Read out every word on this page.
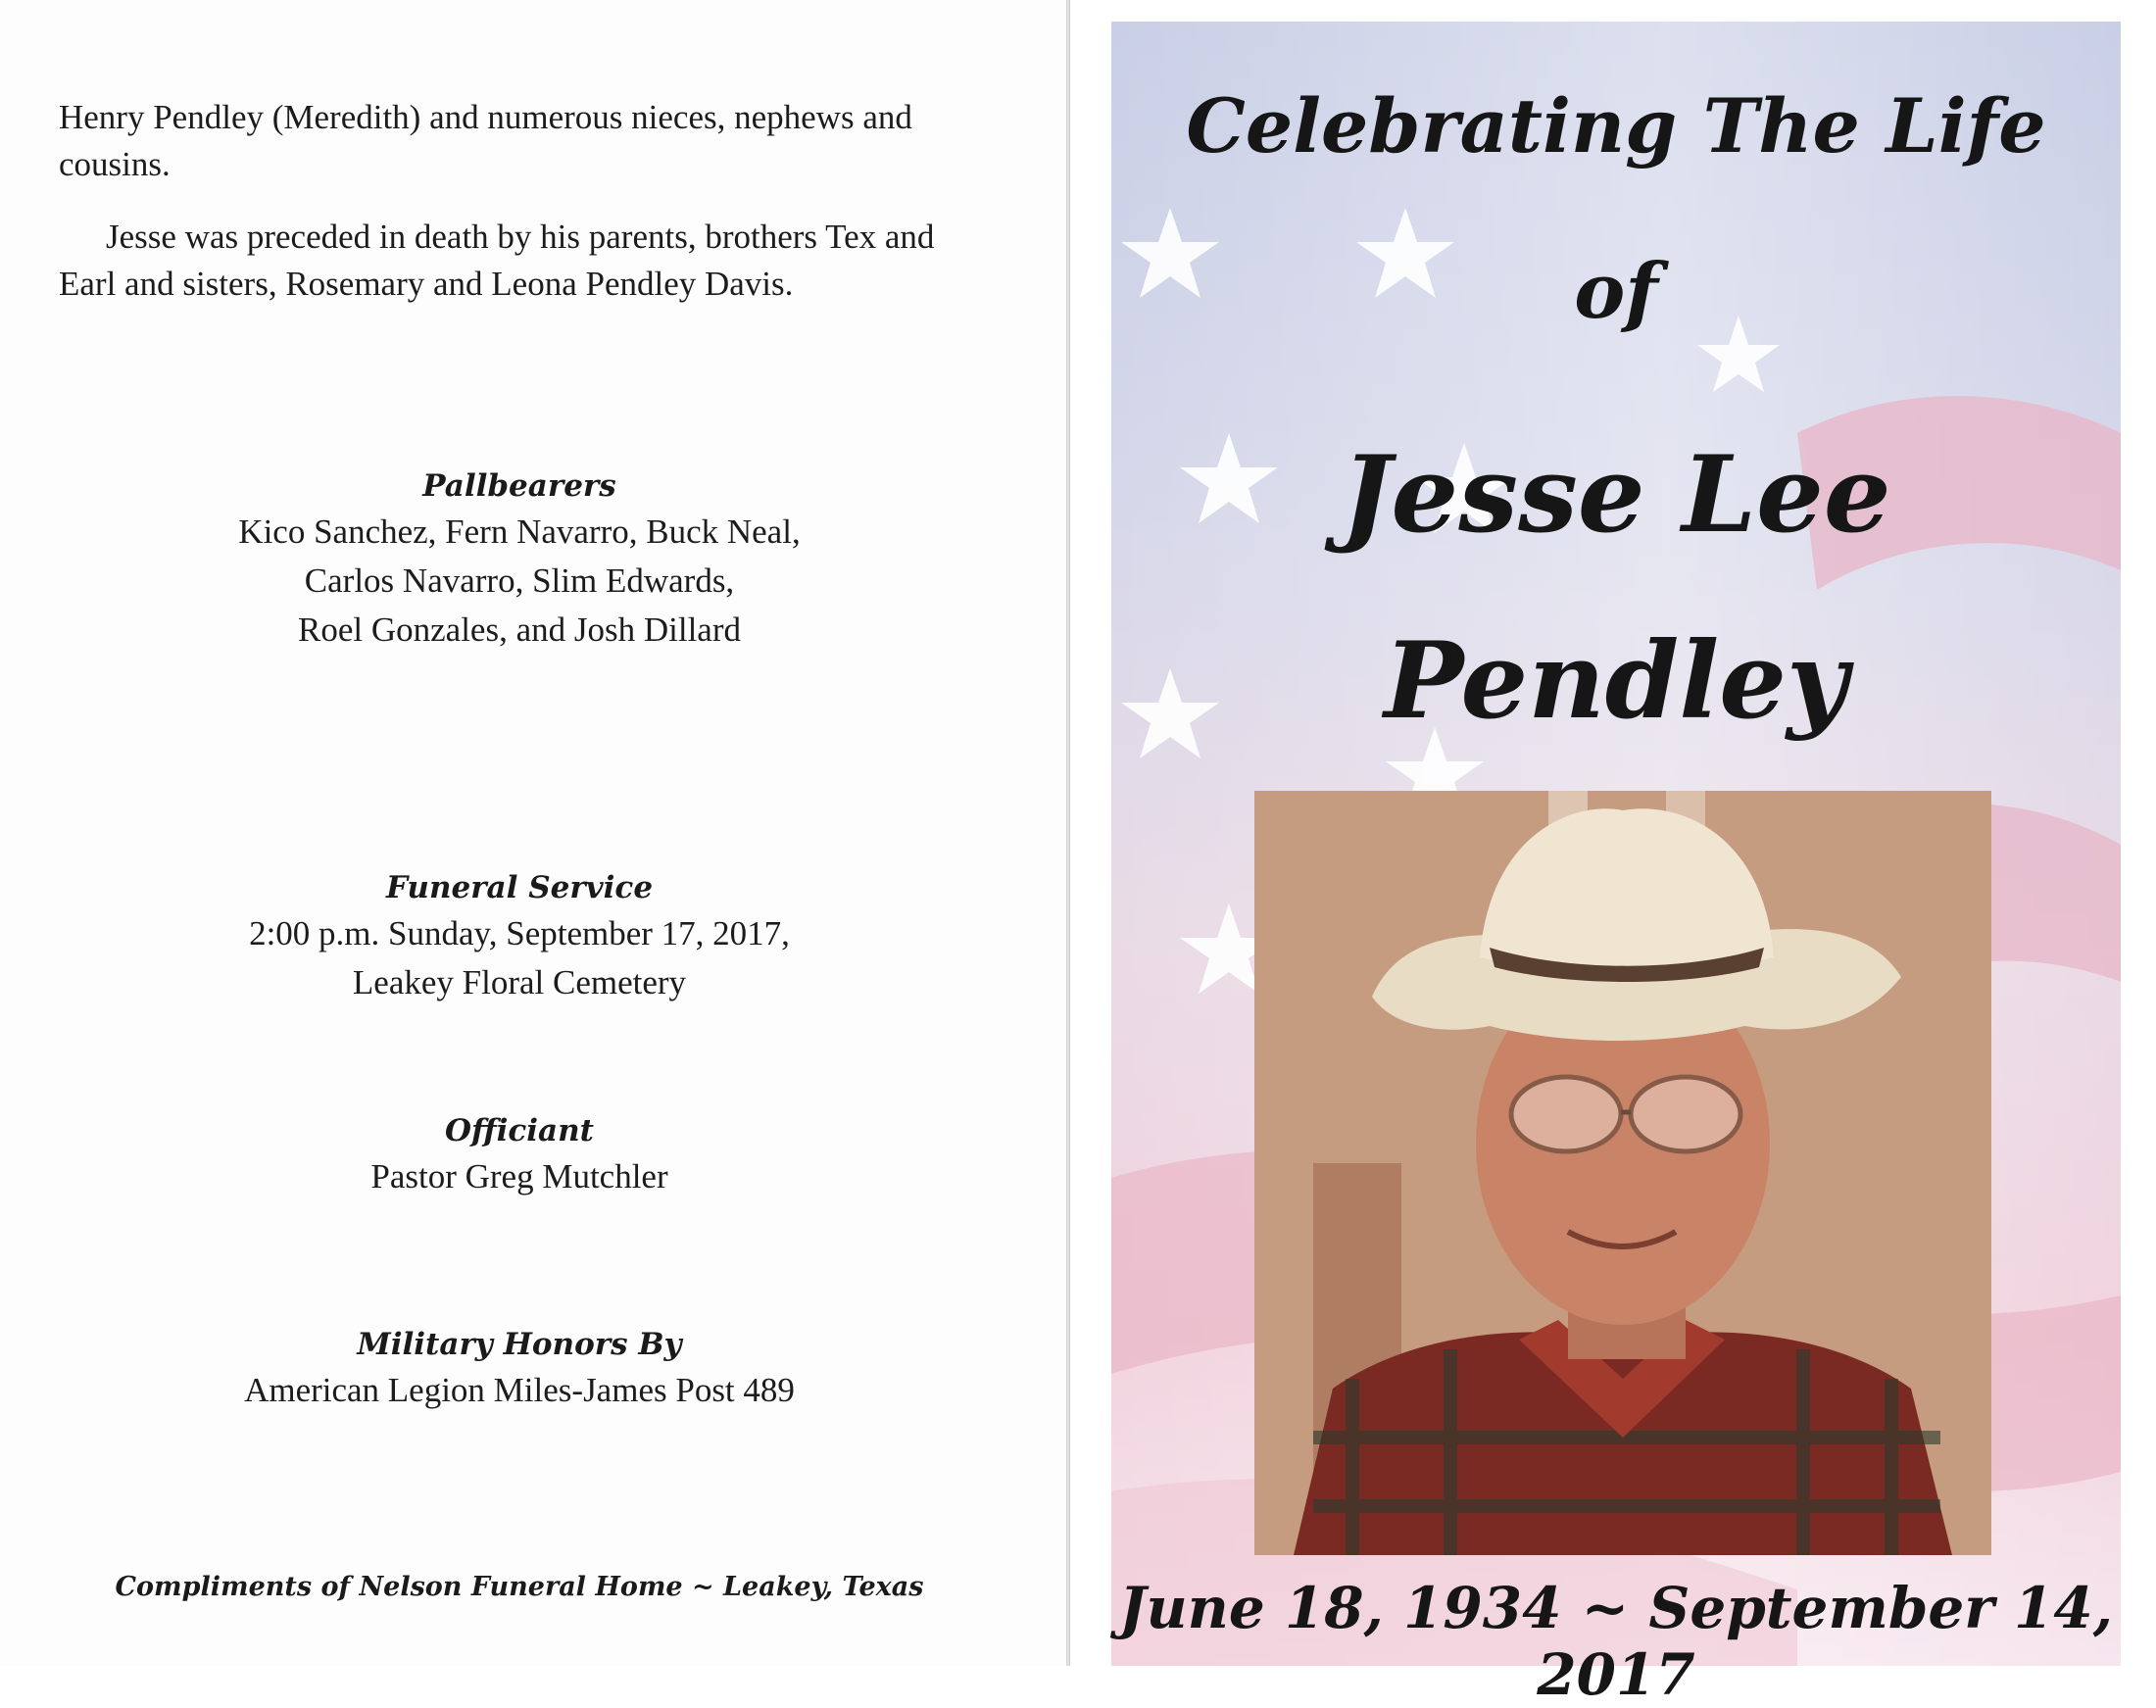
Henry Pendley (Meredith) and numerous nieces, nephews and cousins.

Jesse was preceded in death by his parents, brothers Tex and Earl and sisters, Rosemary and Leona Pendley Davis.

Pallbearers
Kico Sanchez, Fern Navarro, Buck Neal,
Carlos Navarro, Slim Edwards,
Roel Gonzales, and Josh Dillard
Funeral Service
2:00 p.m. Sunday, September 17, 2017,
Leakey Floral Cemetery
Officiant
Pastor Greg Mutchler
Military Honors By
American Legion Miles-James Post 489
Compliments of Nelson Funeral Home ~ Leakey, Texas
Celebrating The Life
of
Jesse Lee
Pendley
June 18, 1934 ~ September 14, 2017
